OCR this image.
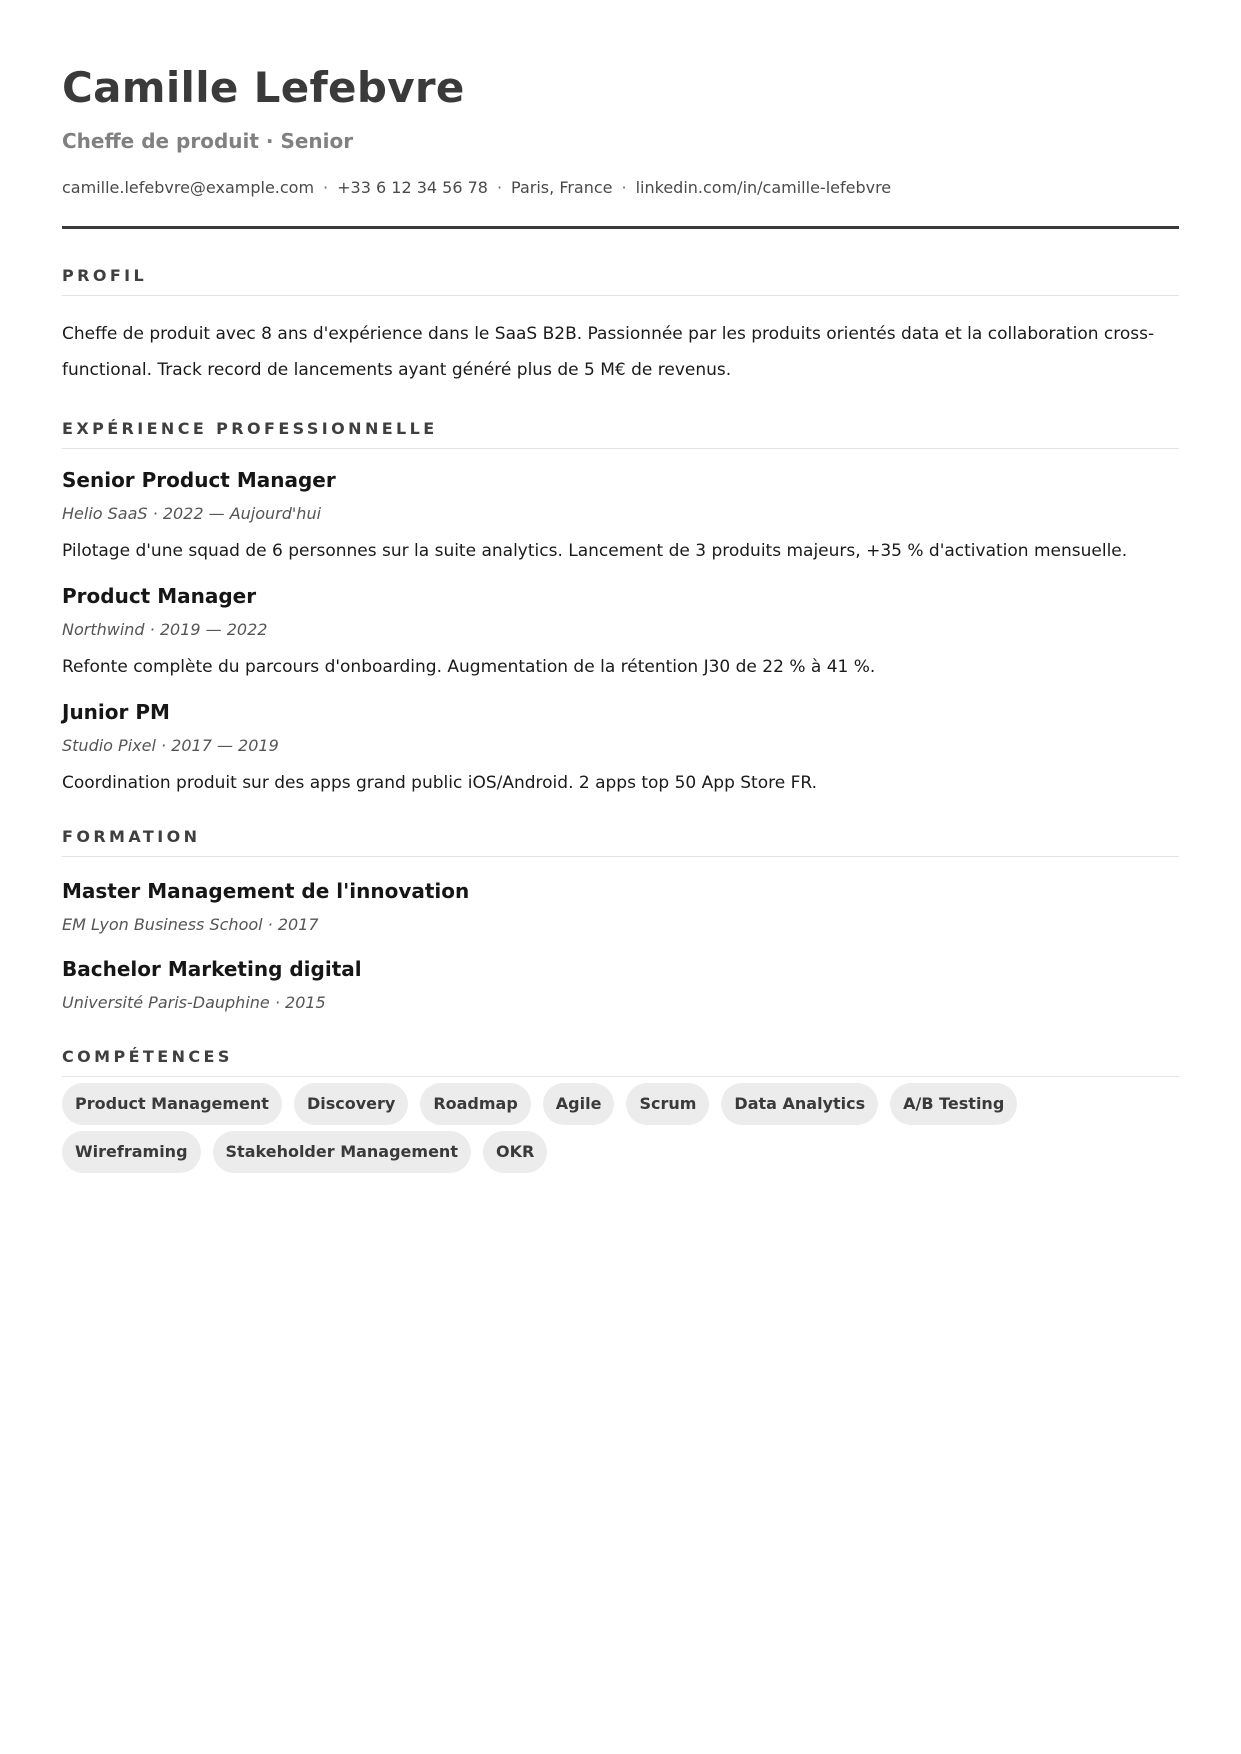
Camille Lefebvre
Cheffe de produit · Senior
camille.lefebvre@example.com · +33 6 12 34 56 78 · Paris, France · linkedin.com/in/camille-lefebvre
PROFIL
Cheffe de produit avec 8 ans d'expérience dans le SaaS B2B. Passionnée par les produits orientés data et la collaboration cross-functional. Track record de lancements ayant généré plus de 5 M€ de revenus.
EXPÉRIENCE PROFESSIONNELLE
Senior Product Manager
Helio SaaS · 2022 — Aujourd'hui
Pilotage d'une squad de 6 personnes sur la suite analytics. Lancement de 3 produits majeurs, +35 % d'activation mensuelle.
Product Manager
Northwind · 2019 — 2022
Refonte complète du parcours d'onboarding. Augmentation de la rétention J30 de 22 % à 41 %.
Junior PM
Studio Pixel · 2017 — 2019
Coordination produit sur des apps grand public iOS/Android. 2 apps top 50 App Store FR.
FORMATION
Master Management de l'innovation
EM Lyon Business School · 2017
Bachelor Marketing digital
Université Paris-Dauphine · 2015
COMPÉTENCES
Product Management	Discovery	Roadmap	Agile	Scrum	Data Analytics	A/B Testing
Wireframing	Stakeholder Management	OKR
